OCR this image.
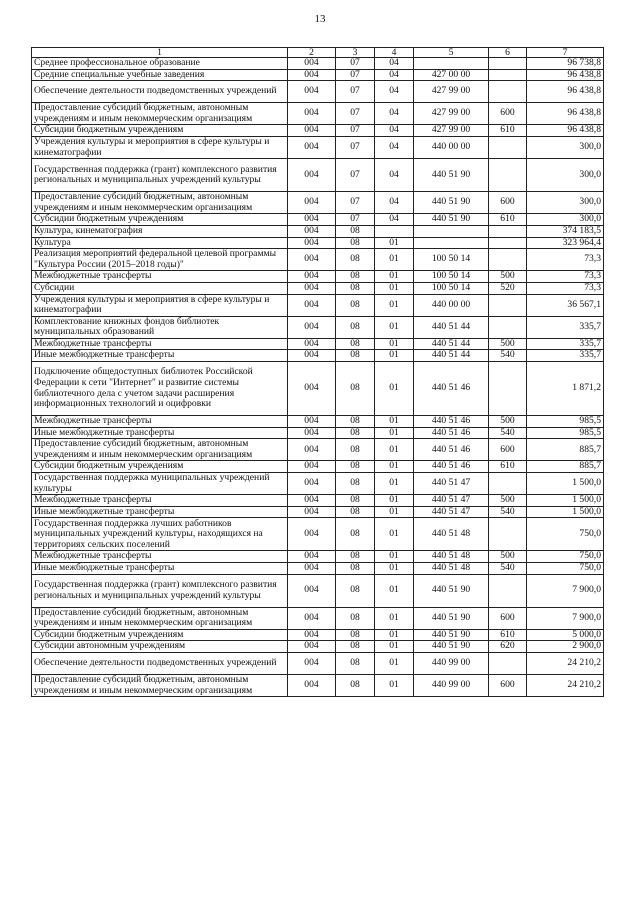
13
1	2	3	4	5	6	7
Среднее профессиональное образование	004	07	04			96 738,8
Средние специальные учебные заведения	004	07	04	427 00 00		96 438,8
Обеспечение деятельности подведомственных учреждений	004	07	04	427 99 00		96 438,8
Предоставление субсидий бюджетным, автономным учреждениям и иным некоммерческим организациям	004	07	04	427 99 00	600	96 438,8
Субсидии бюджетным учреждениям	004	07	04	427 99 00	610	96 438,8
Учреждения культуры и мероприятия в сфере культуры и кинематографии	004	07	04	440 00 00		300,0
Государственная поддержка (грант) комплексного развития региональных и муниципальных учреждений культуры	004	07	04	440 51 90		300,0
Предоставление субсидий бюджетным, автономным учреждениям и иным некоммерческим организациям	004	07	04	440 51 90	600	300,0
Субсидии бюджетным учреждениям	004	07	04	440 51 90	610	300,0
Культура, кинематография	004	08				374 183,5
Культура	004	08	01			323 964,4
Реализация мероприятий федеральной целевой программы "Культура России (2015–2018 годы)"	004	08	01	100 50 14		73,3
Межбюджетные трансферты	004	08	01	100 50 14	500	73,3
Субсидии	004	08	01	100 50 14	520	73,3
Учреждения культуры и мероприятия в сфере культуры и кинематографии	004	08	01	440 00 00		36 567,1
Комплектование книжных фондов библиотек муниципальных образований	004	08	01	440 51 44		335,7
Межбюджетные трансферты	004	08	01	440 51 44	500	335,7
Иные межбюджетные трансферты	004	08	01	440 51 44	540	335,7
Подключение общедоступных библиотек Российской Федерации к сети "Интернет" и развитие системы библиотечного дела с учетом задачи расширения информационных технологий и оцифровки	004	08	01	440 51 46		1 871,2
Межбюджетные трансферты	004	08	01	440 51 46	500	985,5
Иные межбюджетные трансферты	004	08	01	440 51 46	540	985,5
Предоставление субсидий бюджетным, автономным учреждениям и иным некоммерческим организациям	004	08	01	440 51 46	600	885,7
Субсидии бюджетным учреждениям	004	08	01	440 51 46	610	885,7
Государственная поддержка муниципальных учреждений культуры	004	08	01	440 51 47		1 500,0
Межбюджетные трансферты	004	08	01	440 51 47	500	1 500,0
Иные межбюджетные трансферты	004	08	01	440 51 47	540	1 500,0
Государственная поддержка лучших работников муниципальных учреждений культуры, находящихся на территориях сельских поселений	004	08	01	440 51 48		750,0
Межбюджетные трансферты	004	08	01	440 51 48	500	750,0
Иные межбюджетные трансферты	004	08	01	440 51 48	540	750,0
Государственная поддержка (грант) комплексного развития региональных и муниципальных учреждений культуры	004	08	01	440 51 90		7 900,0
Предоставление субсидий бюджетным, автономным учреждениям и иным некоммерческим организациям	004	08	01	440 51 90	600	7 900,0
Субсидии бюджетным учреждениям	004	08	01	440 51 90	610	5 000,0
Субсидии автономным учреждениям	004	08	01	440 51 90	620	2 900,0
Обеспечение деятельности подведомственных учреждений	004	08	01	440 99 00		24 210,2
Предоставление субсидий бюджетным, автономным учреждениям и иным некоммерческим организациям	004	08	01	440 99 00	600	24 210,2
